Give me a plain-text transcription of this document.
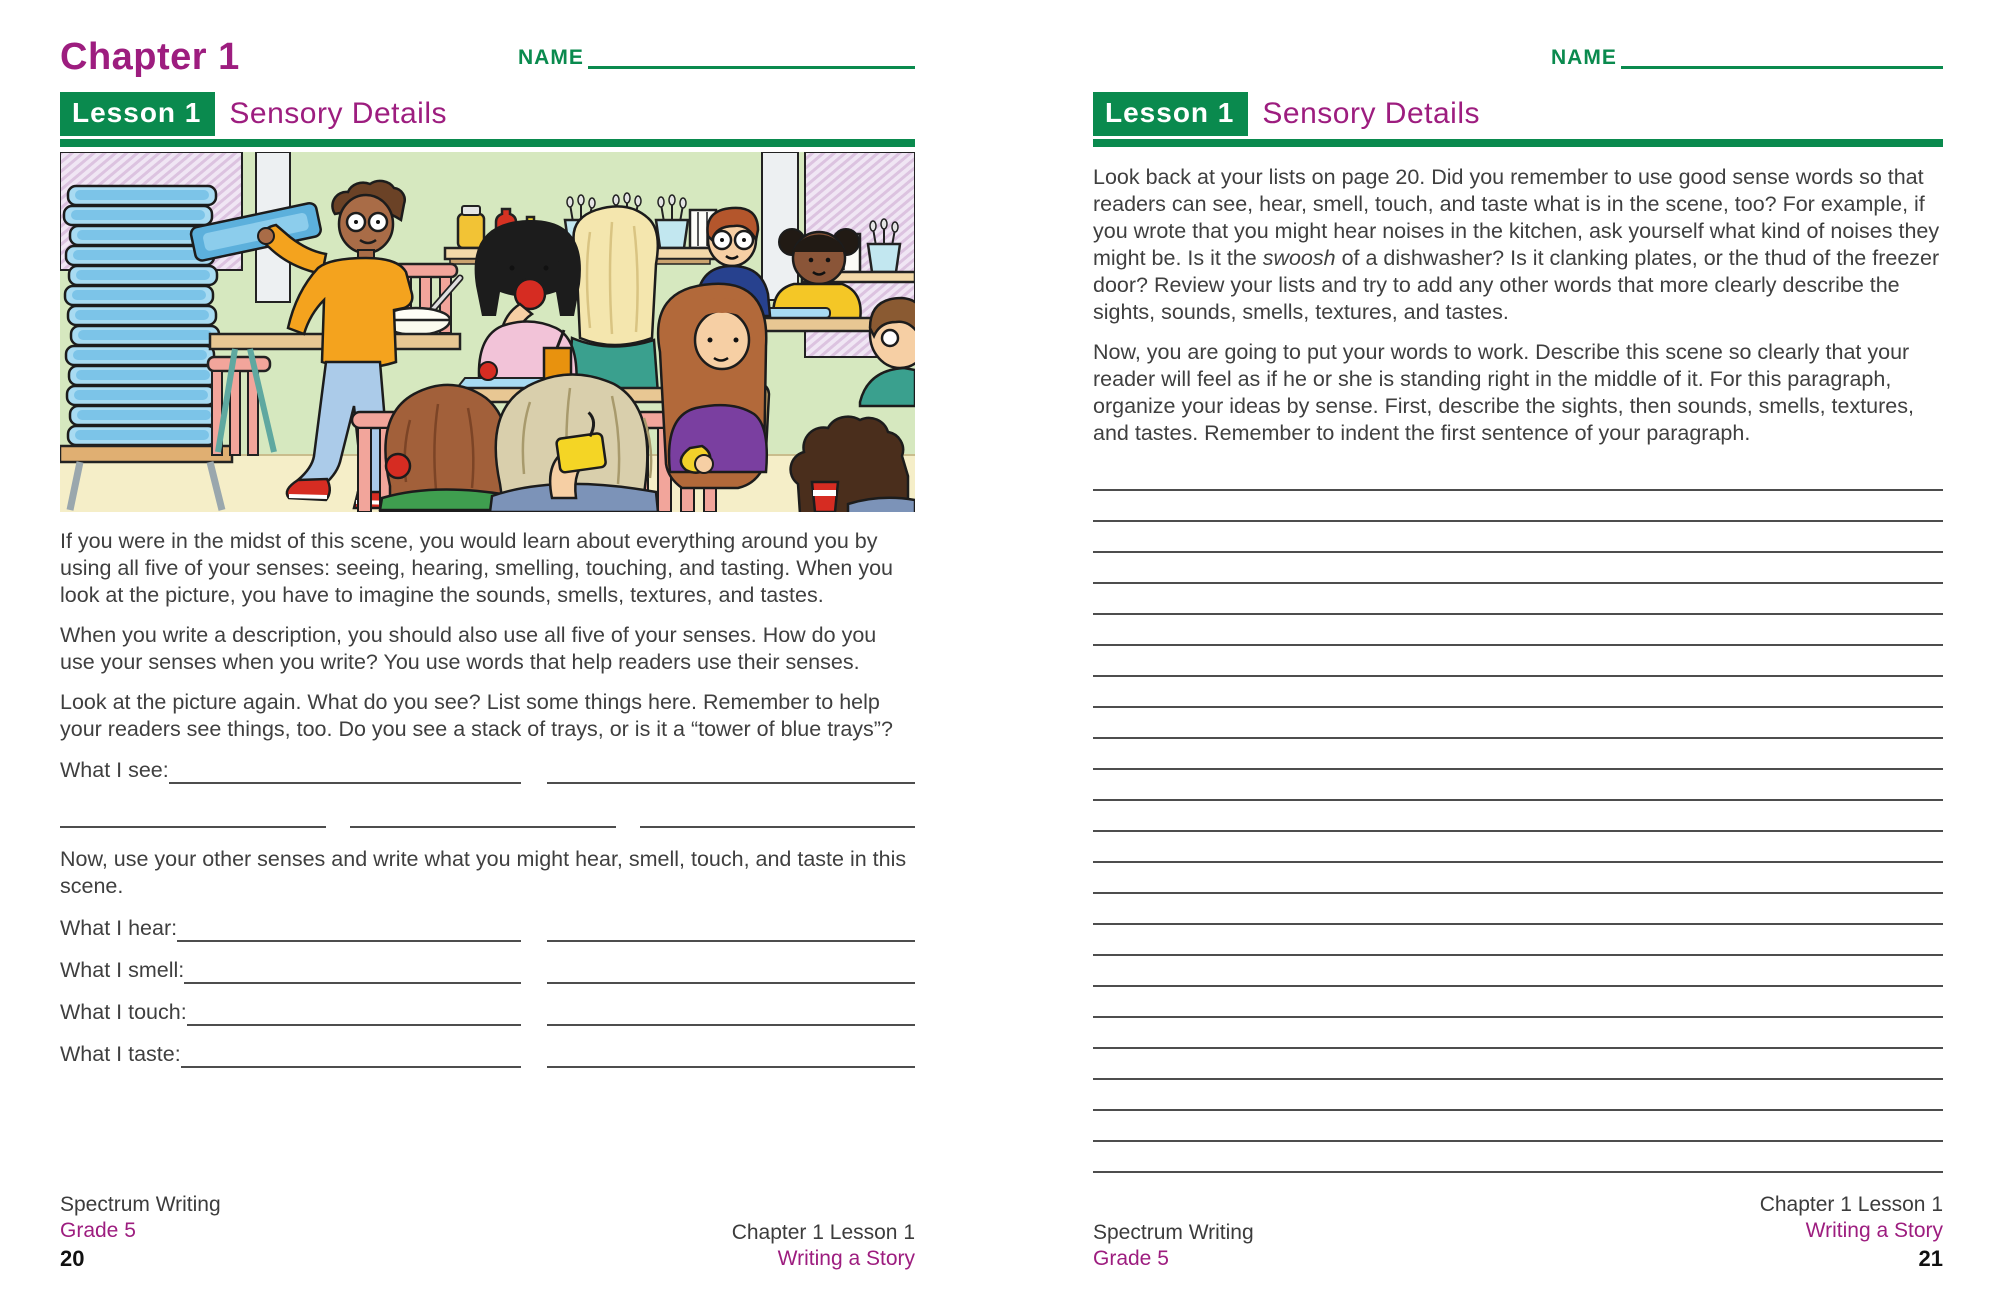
Chapter 1	NAME
Lesson 1 Sensory Details

If you were in the midst of this scene, you would learn about everything around you by using all five of your senses: seeing, hearing, smelling, touching, and tasting. When you look at the picture, you have to imagine the sounds, smells, textures, and tastes.

When you write a description, you should also use all five of your senses. How do you use your senses when you write? You use words that help readers use their senses.

Look at the picture again. What do you see? List some things here. Remember to help your readers see things, too. Do you see a stack of trays, or is it a “tower of blue trays”?

What I see:

Now, use your other senses and write what you might hear, smell, touch, and taste in this scene.

What I hear:
What I smell:
What I touch:
What I taste:
Spectrum Writing
Grade 5
20
Chapter 1 Lesson 1
Writing a Story
NAME
Lesson 1 Sensory Details

Look back at your lists on page 20. Did you remember to use good sense words so that readers can see, hear, smell, touch, and taste what is in the scene, too? For example, if you wrote that you might hear noises in the kitchen, ask yourself what kind of noises they might be. Is it the swoosh of a dishwasher? Is it clanking plates, or the thud of the freezer door? Review your lists and try to add any other words that more clearly describe the sights, sounds, smells, textures, and tastes.

Now, you are going to put your words to work. Describe this scene so clearly that your reader will feel as if he or she is standing right in the middle of it. For this paragraph, organize your ideas by sense. First, describe the sights, then sounds, smells, textures, and tastes. Remember to indent the first sentence of your paragraph.

Spectrum Writing
Grade 5
Chapter 1 Lesson 1
Writing a Story
21
